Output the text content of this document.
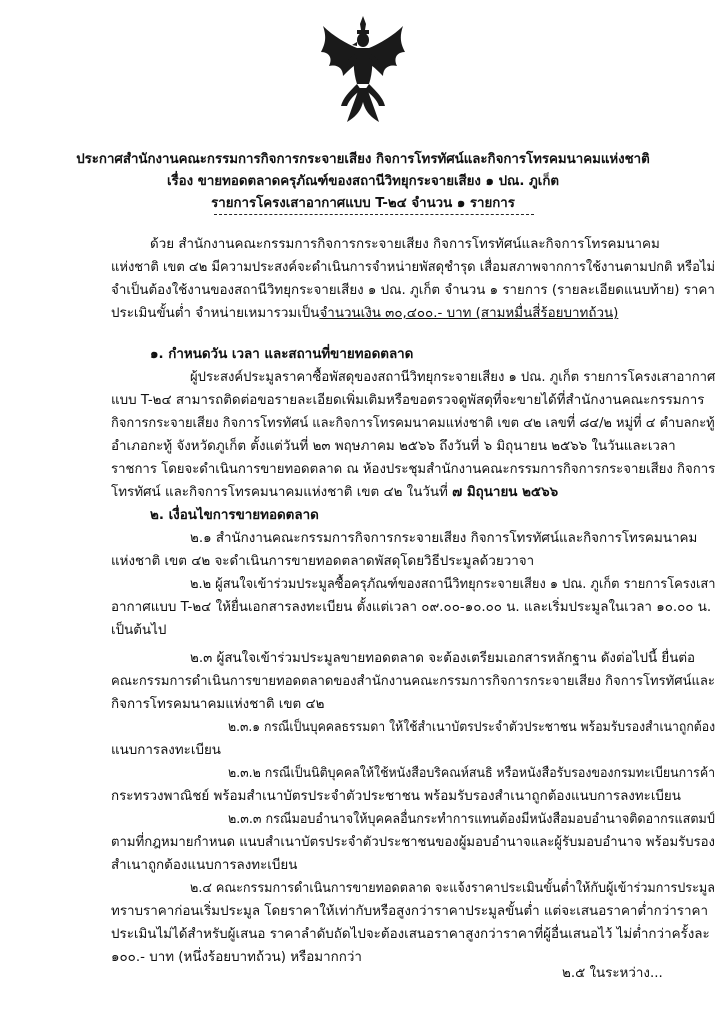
ประกาศสำนักงานคณะกรรมการกิจการกระจายเสียง กิจการโทรทัศน์และกิจการโทรคมนาคมแห่งชาติ
เรื่อง ขายทอดตลาดครุภัณฑ์ของสถานีวิทยุกระจายเสียง ๑ ปณ. ภูเก็ต
รายการโครงเสาอากาศแบบ T-๒๔ จำนวน ๑ รายการ
ด้วย สำนักงานคณะกรรมการกิจการกระจายเสียง กิจการโทรทัศน์และกิจการโทรคมนาคม
แห่งชาติ เขต ๔๒ มีความประสงค์จะดำเนินการจำหน่ายพัสดุชำรุด เสื่อมสภาพจากการใช้งานตามปกติ หรือไม่
จำเป็นต้องใช้งานของสถานีวิทยุกระจายเสียง ๑ ปณ. ภูเก็ต จำนวน ๑ รายการ (รายละเอียดแนบท้าย) ราคา
ประเมินขั้นต่ำ จำหน่ายเหมารวมเป็นจำนวนเงิน ๓๐,๔๐๐.- บาท (สามหมื่นสี่ร้อยบาทถ้วน)
๑. กำหนดวัน เวลา และสถานที่ขายทอดตลาด
ผู้ประสงค์ประมูลราคาซื้อพัสดุของสถานีวิทยุกระจายเสียง ๑ ปณ. ภูเก็ต รายการโครงเสาอากาศ
แบบ T-๒๔ สามารถติดต่อขอรายละเอียดเพิ่มเติมหรือขอตรวจดูพัสดุที่จะขายได้ที่สำนักงานคณะกรรมการ
กิจการกระจายเสียง กิจการโทรทัศน์ และกิจการโทรคมนาคมแห่งชาติ เขต ๔๒ เลขที่ ๘๔/๒ หมู่ที่ ๔ ตำบลกะทู้
อำเภอกะทู้ จังหวัดภูเก็ต ตั้งแต่วันที่ ๒๓ พฤษภาคม ๒๕๖๖ ถึงวันที่ ๖ มิถุนายน ๒๕๖๖ ในวันและเวลา
ราชการ โดยจะดำเนินการขายทอดตลาด ณ ห้องประชุมสำนักงานคณะกรรมการกิจการกระจายเสียง กิจการ
โทรทัศน์ และกิจการโทรคมนาคมแห่งชาติ เขต ๔๒ ในวันที่ ๗ มิถุนายน ๒๕๖๖
๒. เงื่อนไขการขายทอดตลาด
๒.๑ สำนักงานคณะกรรมการกิจการกระจายเสียง กิจการโทรทัศน์และกิจการโทรคมนาคม
แห่งชาติ เขต ๔๒ จะดำเนินการขายทอดตลาดพัสดุโดยวิธีประมูลด้วยวาจา
๒.๒ ผู้สนใจเข้าร่วมประมูลซื้อครุภัณฑ์ของสถานีวิทยุกระจายเสียง ๑ ปณ. ภูเก็ต รายการโครงเสา
อากาศแบบ T-๒๔ ให้ยื่นเอกสารลงทะเบียน ตั้งแต่เวลา ๐๙.๐๐-๑๐.๐๐ น. และเริ่มประมูลในเวลา ๑๐.๐๐ น.
เป็นต้นไป
๒.๓ ผู้สนใจเข้าร่วมประมูลขายทอดตลาด จะต้องเตรียมเอกสารหลักฐาน ดังต่อไปนี้ ยื่นต่อ
คณะกรรมการดำเนินการขายทอดตลาดของสำนักงานคณะกรรมการกิจการกระจายเสียง กิจการโทรทัศน์และ
กิจการโทรคมนาคมแห่งชาติ เขต ๔๒
๒.๓.๑ กรณีเป็นบุคคลธรรมดา ให้ใช้สำเนาบัตรประจำตัวประชาชน พร้อมรับรองสำเนาถูกต้อง
แนบการลงทะเบียน
๒.๓.๒ กรณีเป็นนิติบุคคลให้ใช้หนังสือบริคณห์สนธิ หรือหนังสือรับรองของกรมทะเบียนการค้า
กระทรวงพาณิชย์ พร้อมสำเนาบัตรประจำตัวประชาชน พร้อมรับรองสำเนาถูกต้องแนบการลงทะเบียน
๒.๓.๓ กรณีมอบอำนาจให้บุคคลอื่นกระทำการแทนต้องมีหนังสือมอบอำนาจติดอากรแสตมป์
ตามที่กฎหมายกำหนด แนบสำเนาบัตรประจำตัวประชาชนของผู้มอบอำนาจและผู้รับมอบอำนาจ พร้อมรับรอง
สำเนาถูกต้องแนบการลงทะเบียน
๒.๔ คณะกรรมการดำเนินการขายทอดตลาด จะแจ้งราคาประเมินขั้นต่ำให้กับผู้เข้าร่วมการประมูล
ทราบราคาก่อนเริ่มประมูล โดยราคาให้เท่ากับหรือสูงกว่าราคาประมูลขั้นต่ำ แต่จะเสนอราคาต่ำกว่าราคา
ประเมินไม่ได้สำหรับผู้เสนอ ราคาลำดับถัดไปจะต้องเสนอราคาสูงกว่าราคาที่ผู้อื่นเสนอไว้ ไม่ต่ำกว่าครั้งละ
๑๐๐.- บาท (หนึ่งร้อยบาทถ้วน) หรือมากกว่า
๒.๕ ในระหว่าง...
